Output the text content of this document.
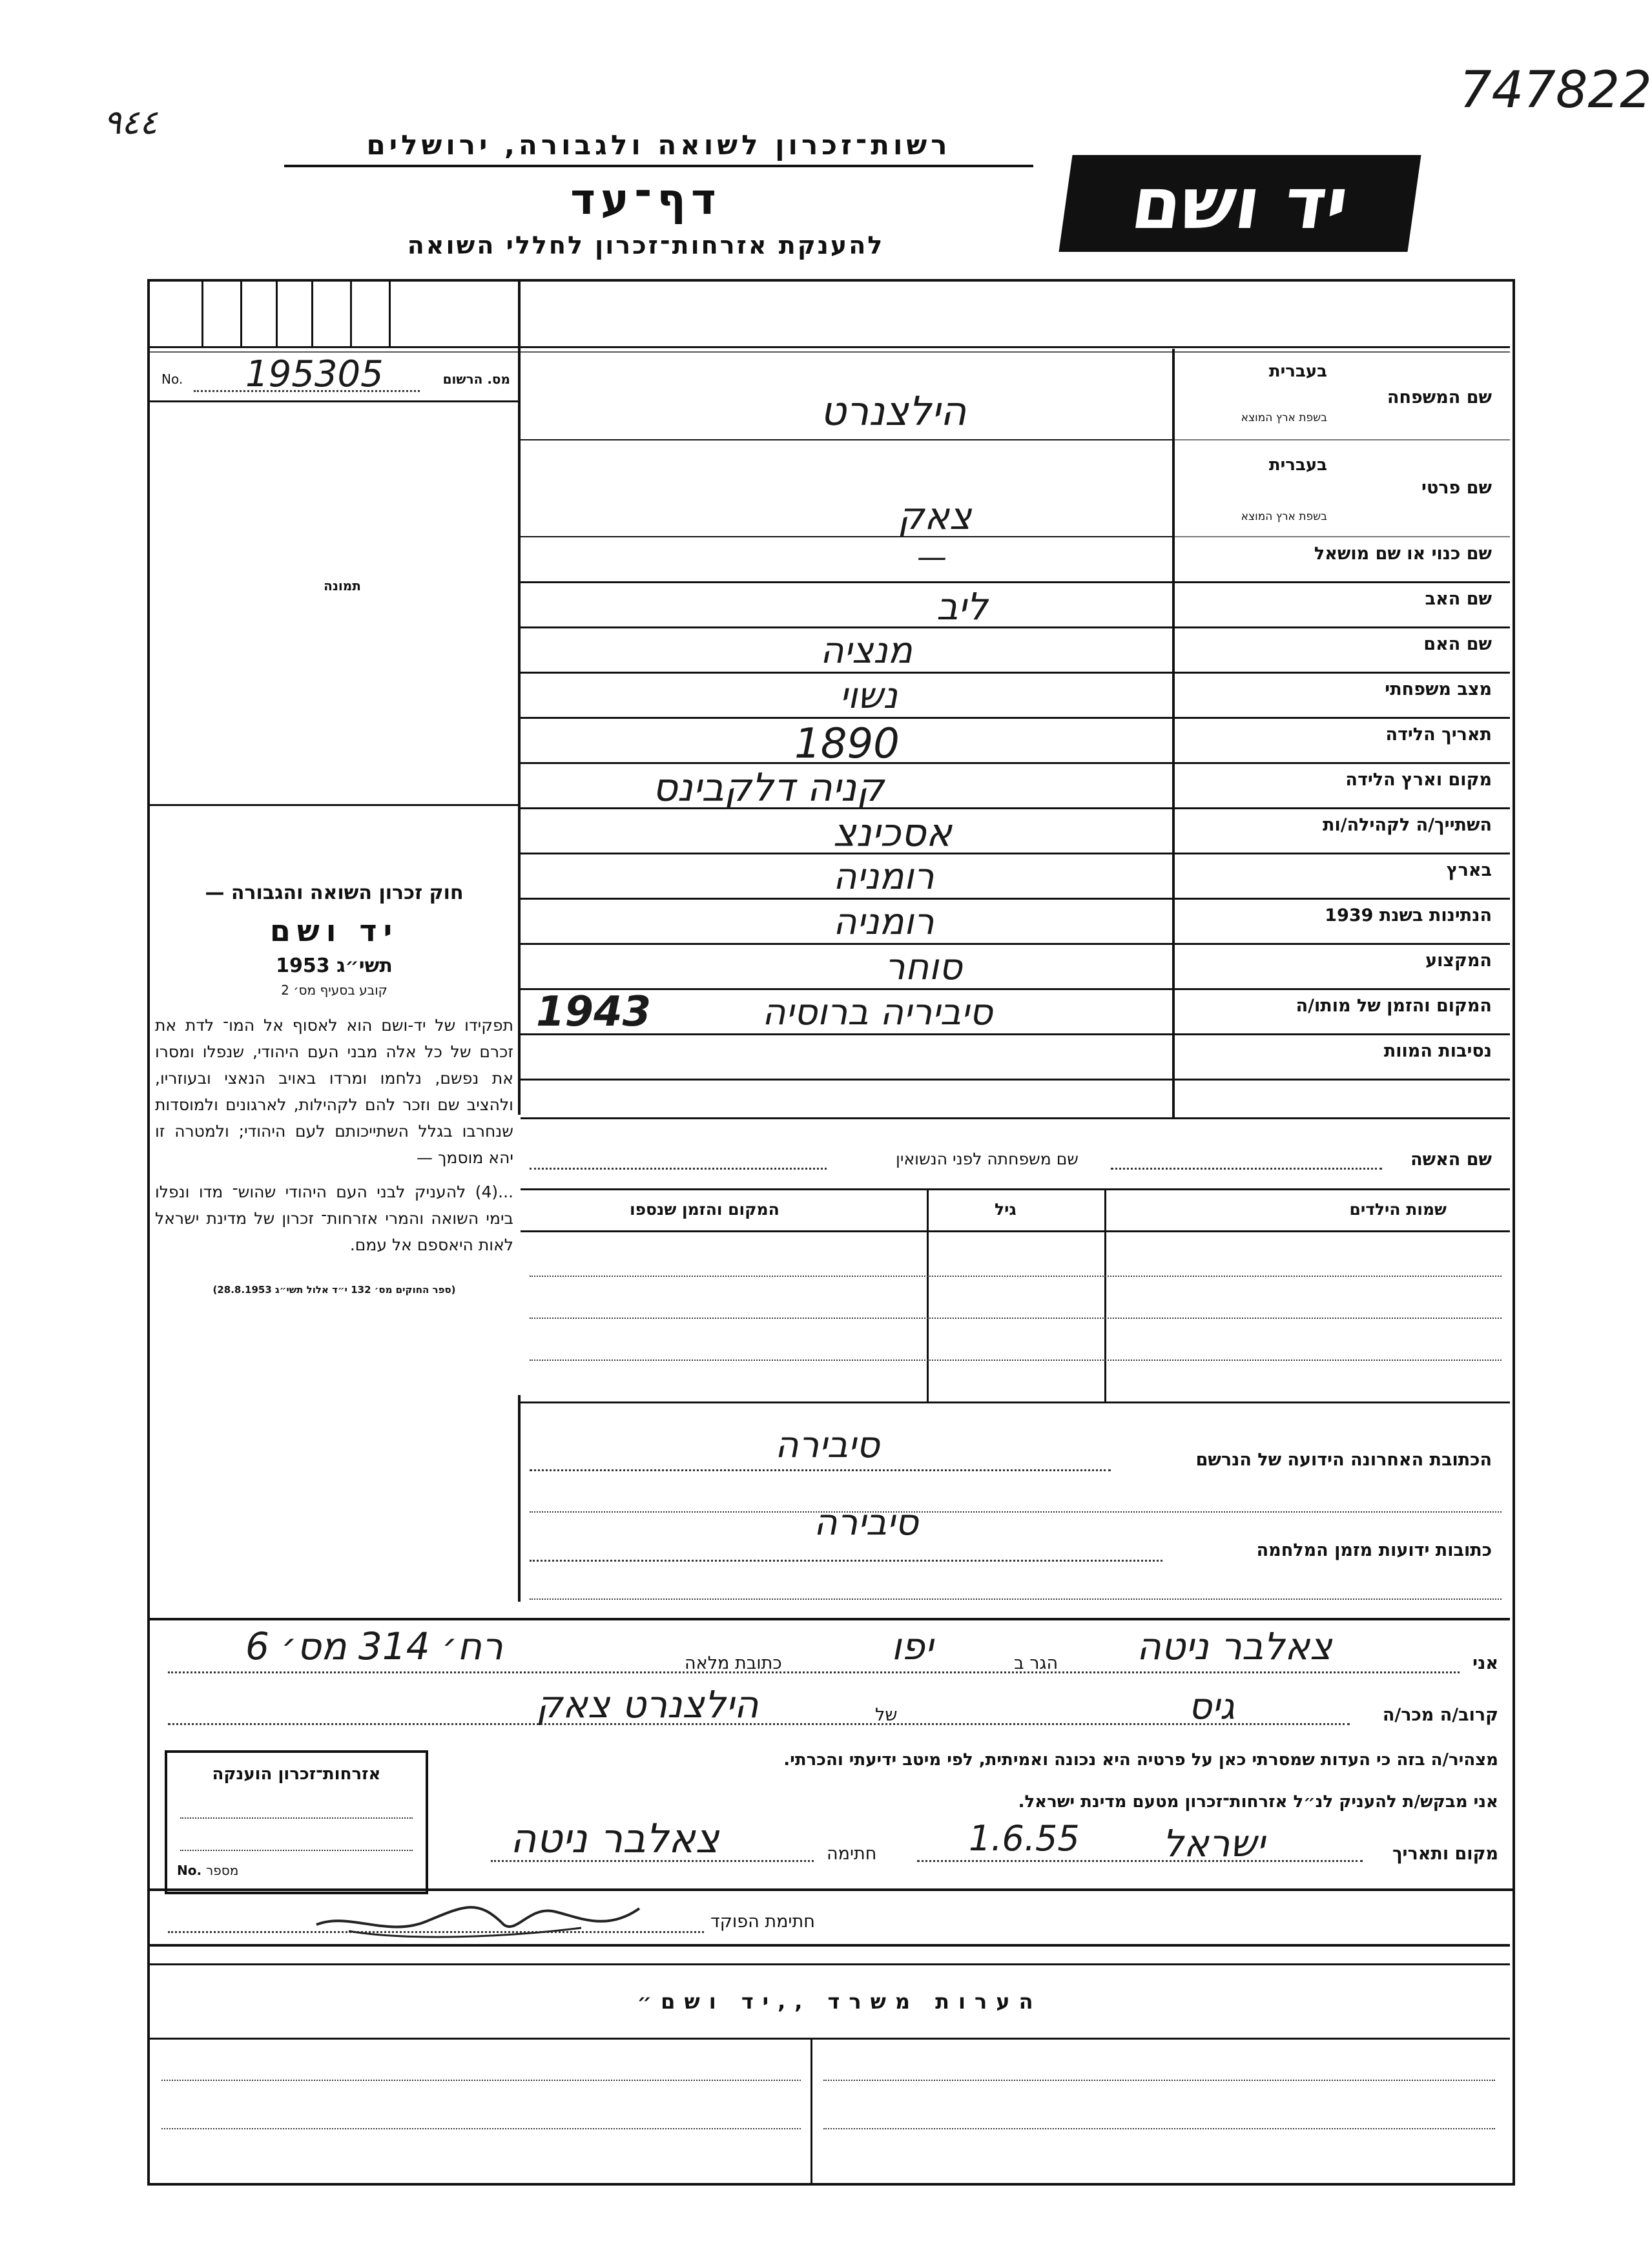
٩٤٤
747822
רשות־זכרון לשואה ולגבורה, ירושלים
דף־עד
להענקת אזרחות־זכרון לחללי השואה
יד ושם
מס. הרשום
No. 195305
תמונה
חוק זכרון השואה והגבורה —
יד ושם
תשי״ג 1953
קובע בסעיף מס׳ 2
תפקידו של יד-ושם הוא לאסוף אל המו־ לדת את זכרם של כל אלה מבני העם היהודי, שנפלו ומסרו את נפשם, נלחמו ומרדו באויב הנאצי ובעוזריו, ולהציב שם וזכר להם לקהילות, לארגונים ולמוסדות שנחרבו בגלל השתייכותם לעם היהודי; ולמטרה זו יהא מוסמך —
...(4) להעניק לבני העם היהודי שהוש־ מדו ונפלו בימי השואה והמרי אזרחות־ זכרון של מדינת ישראל לאות היאספם אל עמם.
(ספר החוקים מס׳ 132 י״ד אלול תשי״ג 28.8.1953)
שם המשפחה
בעברית
בשפת ארץ המוצא
הילצנרט
שם פרטי
בעברית
בשפת ארץ המוצא
צאק
שם כנוי או שם מושאל
—
שם האב
ליב
שם האם
מנציה
מצב משפחתי
נשוי
תאריך הלידה
1890
מקום וארץ הלידה
קניה דלקבינס
השתייך/ה לקהילה/ות
אסכינצ
בארץ
רומניה
הנתינות בשנת 1939
רומניה
המקצוע
סוחר
המקום והזמן של מותו/ה
סיביריה ברוסיה
1943
נסיבות המוות
שם האשה
שם משפחתה לפני הנשואין
שמות הילדים
גיל
המקום והזמן שנספו
סיבירה	הכתובת האחרונה הידועה של הנרשם
סיבירה
כתובות ידועות מזמן המלחמה
אני
צאלבר ניטה
הגר ב
יפו
כתובת מלאה
רח׳ 314 מס׳ 6
קרוב/ה מכר/ה
גיס
של
הילצנרט צאק
מצהיר/ה בזה כי העדות שמסרתי כאן על פרטיה היא נכונה ואמיתית, לפי מיטב ידיעתי והכרתי.
אני מבקש/ת להעניק לנ״ל אזרחות־זכרון מטעם מדינת ישראל.
מקום ותאריך
ישראל
1.6.55
חתימה
צאלבר ניטה
חתימת הפוקד
אזרחות־זכרון הוענקה
מספר
No.
הערות משרד ,,יד ושם״
